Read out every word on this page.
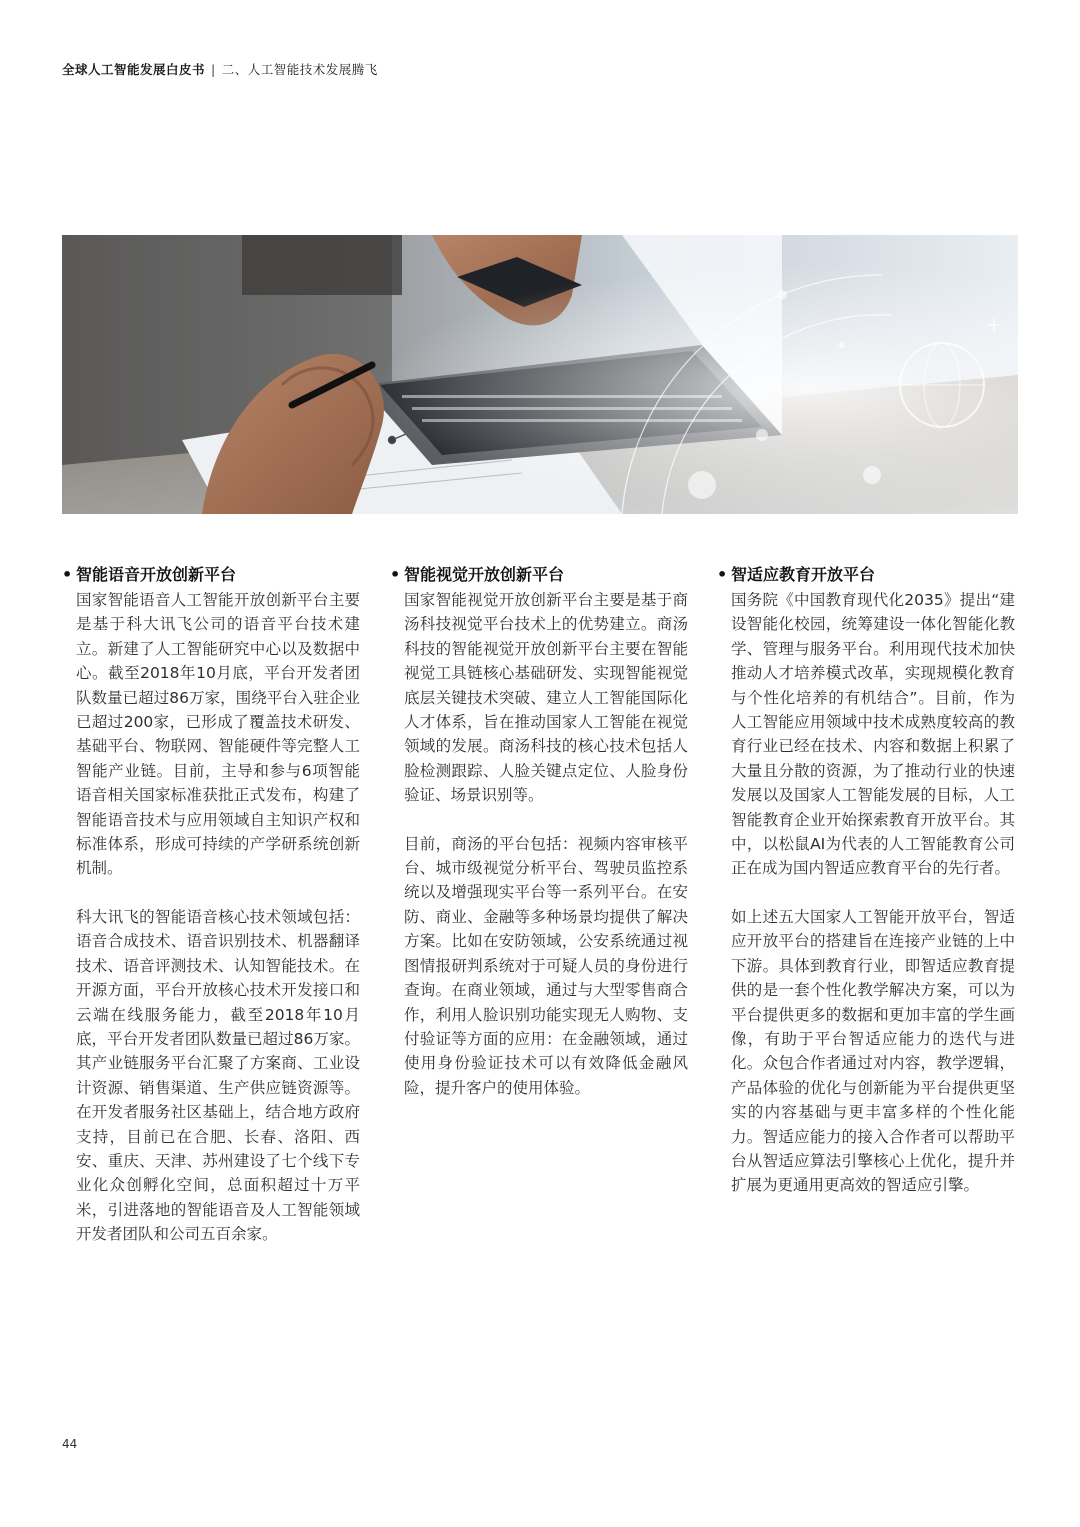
全球人工智能发展白皮书 | 二、人工智能技术发展腾飞
• 智能语音开放创新平台

国家智能语音人工智能开放创新平台主要是基于科大讯飞公司的语音平台技术建立。新建了人工智能研究中心以及数据中心。截至2018年10月底，平台开发者团队数量已超过86万家，围绕平台入驻企业已超过200家，已形成了覆盖技术研发、基础平台、物联网、智能硬件等完整人工智能产业链。目前，主导和参与6项智能语音相关国家标准获批正式发布，构建了智能语音技术与应用领域自主知识产权和标准体系，形成可持续的产学研系统创新机制。

科大讯飞的智能语音核心技术领域包括：语音合成技术、语音识别技术、机器翻译技术、语音评测技术、认知智能技术。在开源方面，平台开放核心技术开发接口和云端在线服务能力，截至2018年10月底，平台开发者团队数量已超过86万家。其产业链服务平台汇聚了方案商、工业设计资源、销售渠道、生产供应链资源等。在开发者服务社区基础上，结合地方政府支持，目前已在合肥、长春、洛阳、西安、重庆、天津、苏州建设了七个线下专业化众创孵化空间，总面积超过十万平米，引进落地的智能语音及人工智能领域开发者团队和公司五百余家。

• 智能视觉开放创新平台

国家智能视觉开放创新平台主要是基于商汤科技视觉平台技术上的优势建立。商汤科技的智能视觉开放创新平台主要在智能视觉工具链核心基础研发、实现智能视觉底层关键技术突破、建立人工智能国际化人才体系，旨在推动国家人工智能在视觉领域的发展。商汤科技的核心技术包括人脸检测跟踪、人脸关键点定位、人脸身份验证、场景识别等。

目前，商汤的平台包括：视频内容审核平台、城市级视觉分析平台、驾驶员监控系统以及增强现实平台等一系列平台。在安防、商业、金融等多种场景均提供了解决方案。比如在安防领域，公安系统通过视图情报研判系统对于可疑人员的身份进行查询。在商业领域，通过与大型零售商合作，利用人脸识别功能实现无人购物、支付验证等方面的应用：在金融领域，通过使用身份验证技术可以有效降低金融风险，提升客户的使用体验。

• 智适应教育开放平台

国务院《中国教育现代化2035》提出“建设智能化校园，统筹建设一体化智能化教学、管理与服务平台。利用现代技术加快推动人才培养模式改革，实现规模化教育与个性化培养的有机结合”。目前，作为人工智能应用领域中技术成熟度较高的教育行业已经在技术、内容和数据上积累了大量且分散的资源，为了推动行业的快速发展以及国家人工智能发展的目标，人工智能教育企业开始探索教育开放平台。其中，以松鼠AI为代表的人工智能教育公司正在成为国内智适应教育平台的先行者。

如上述五大国家人工智能开放平台，智适应开放平台的搭建旨在连接产业链的上中下游。具体到教育行业，即智适应教育提供的是一套个性化教学解决方案，可以为平台提供更多的数据和更加丰富的学生画像，有助于平台智适应能力的迭代与进化。众包合作者通过对内容，教学逻辑，产品体验的优化与创新能为平台提供更坚实的内容基础与更丰富多样的个性化能力。智适应能力的接入合作者可以帮助平台从智适应算法引擎核心上优化，提升并扩展为更通用更高效的智适应引擎。

44
